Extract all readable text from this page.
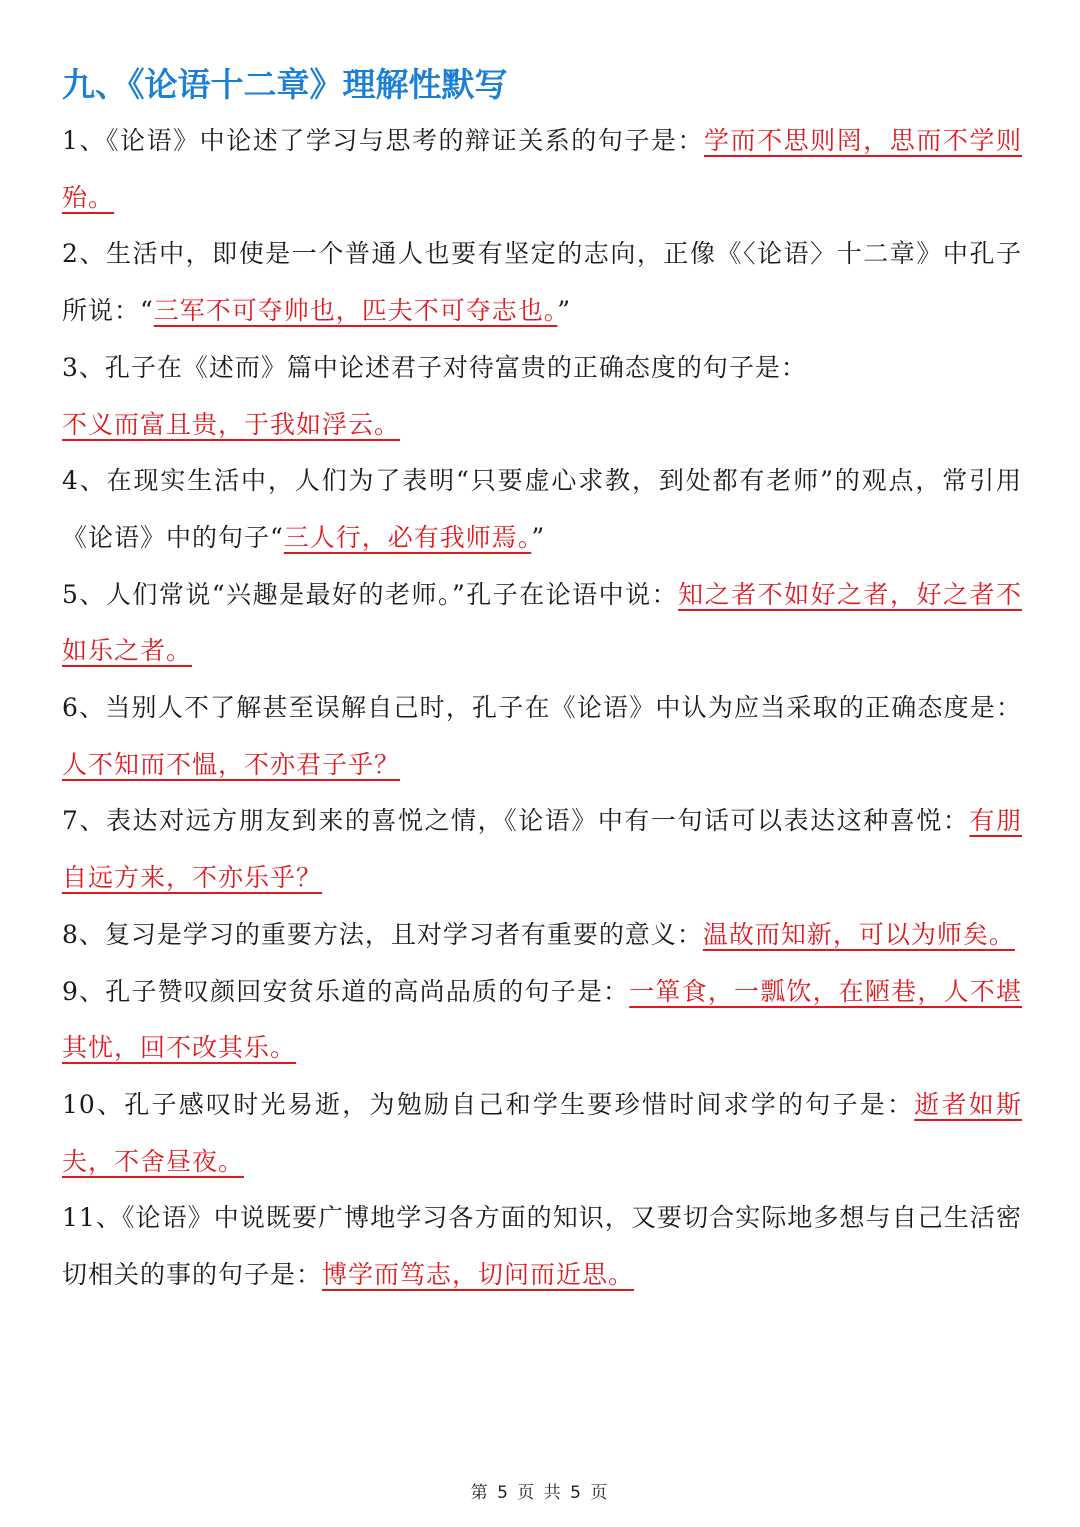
九、《论语十二章》理解性默写

1、《论语》中论述了学习与思考的辩证关系的句子是：学而不思则罔，思而不学则殆。

2、生活中，即使是一个普通人也要有坚定的志向，正像《〈论语〉十二章》中孔子所说：“三军不可夺帅也，匹夫不可夺志也。”

3、孔子在《述而》篇中论述君子对待富贵的正确态度的句子是：
不义而富且贵，于我如浮云。

4、在现实生活中，人们为了表明“只要虚心求教，到处都有老师”的观点，常引用《论语》中的句子“三人行，必有我师焉。”

5、人们常说“兴趣是最好的老师。”孔子在论语中说：知之者不如好之者，好之者不如乐之者。

6、当别人不了解甚至误解自己时，孔子在《论语》中认为应当采取的正确态度是：人不知而不愠，不亦君子乎？

7、表达对远方朋友到来的喜悦之情，《论语》中有一句话可以表达这种喜悦：有朋自远方来，不亦乐乎？

8、复习是学习的重要方法，且对学习者有重要的意义：温故而知新，可以为师矣。

9、孔子赞叹颜回安贫乐道的高尚品质的句子是：一箪食，一瓢饮，在陋巷，人不堪其忧，回不改其乐。

10、孔子感叹时光易逝，为勉励自己和学生要珍惜时间求学的句子是：逝者如斯夫，不舍昼夜。

11、《论语》中说既要广博地学习各方面的知识，又要切合实际地多想与自己生活密切相关的事的句子是：博学而笃志，切问而近思。

第 5 页 共 5 页
